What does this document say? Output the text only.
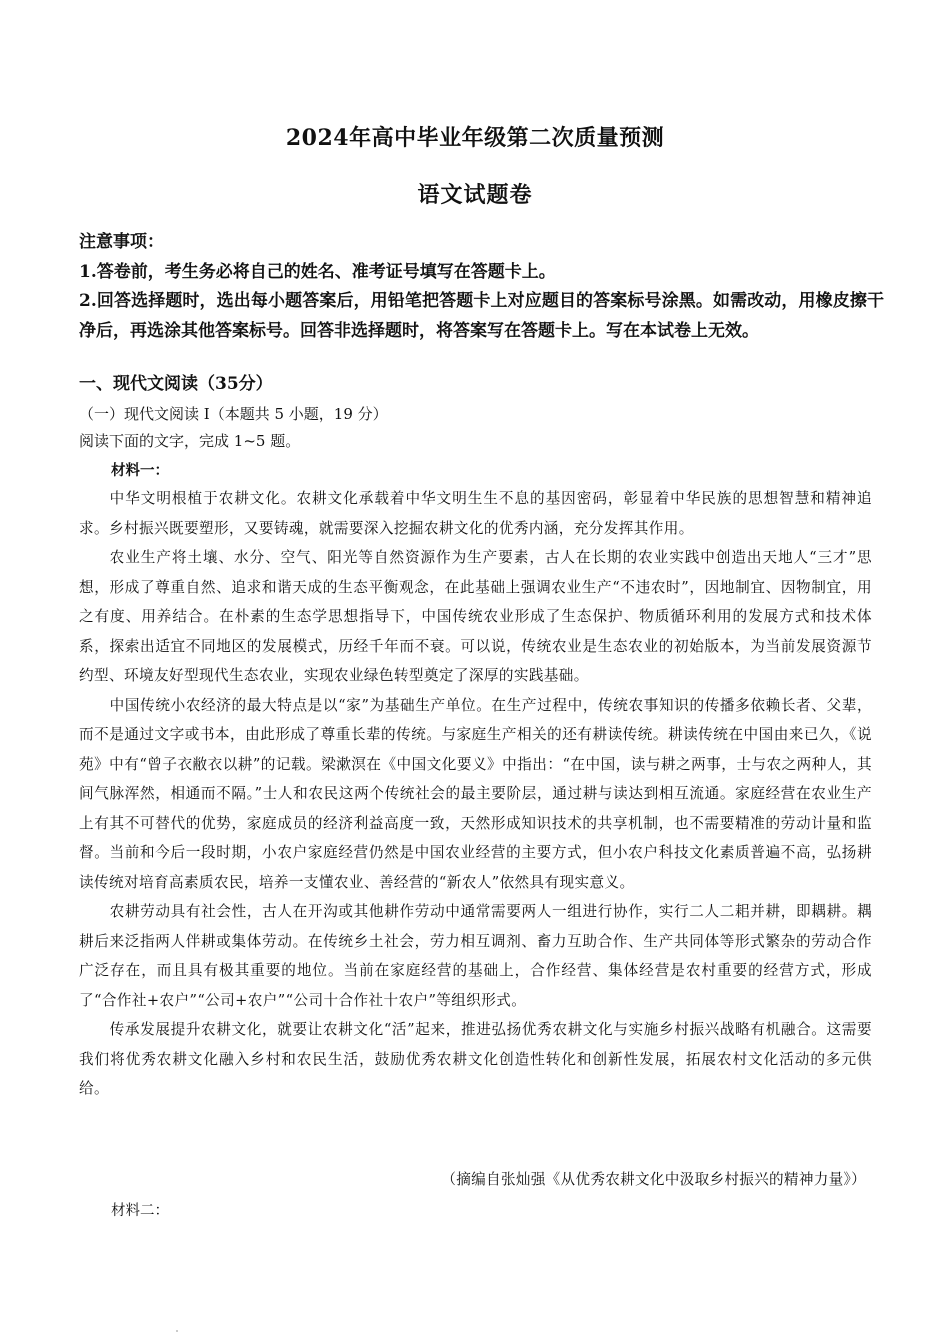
2024年高中毕业年级第二次质量预测
语文试题卷
注意事项：
1.答卷前，考生务必将自己的姓名、准考证号填写在答题卡上。
2.回答选择题时，选出每小题答案后，用铅笔把答题卡上对应题目的答案标号涂黑。如需改动，用橡皮擦干净后，再选涂其他答案标号。回答非选择题时，将答案写在答题卡上。写在本试卷上无效。
一、现代文阅读（35分）
（一）现代文阅读 I（本题共 5 小题，19 分）
阅读下面的文字，完成 1~5 题。
材料一：

中华文明根植于农耕文化。农耕文化承载着中华文明生生不息的基因密码，彰显着中华民族的思想智慧和精神追求。乡村振兴既要塑形，又要铸魂，就需要深入挖掘农耕文化的优秀内涵，充分发挥其作用。

农业生产将土壤、水分、空气、阳光等自然资源作为生产要素，古人在长期的农业实践中创造出天地人“三才”思想，形成了尊重自然、追求和谐天成的生态平衡观念，在此基础上强调农业生产“不违农时”，因地制宜、因物制宜，用之有度、用养结合。在朴素的生态学思想指导下，中国传统农业形成了生态保护、物质循环利用的发展方式和技术体系，探索出适宜不同地区的发展模式，历经千年而不衰。可以说，传统农业是生态农业的初始版本，为当前发展资源节约型、环境友好型现代生态农业，实现农业绿色转型奠定了深厚的实践基础。

中国传统小农经济的最大特点是以“家”为基础生产单位。在生产过程中，传统农事知识的传播多依赖长者、父辈，而不是通过文字或书本，由此形成了尊重长辈的传统。与家庭生产相关的还有耕读传统。耕读传统在中国由来已久，《说苑》中有“曾子衣敝衣以耕”的记载。梁漱溟在《中国文化要义》中指出：“在中国，读与耕之两事，士与农之两种人，其间气脉浑然，相通而不隔。”士人和农民这两个传统社会的最主要阶层，通过耕与读达到相互流通。家庭经营在农业生产上有其不可替代的优势，家庭成员的经济利益高度一致，天然形成知识技术的共享机制，也不需要精准的劳动计量和监督。当前和今后一段时期，小农户家庭经营仍然是中国农业经营的主要方式，但小农户科技文化素质普遍不高，弘扬耕读传统对培育高素质农民，培养一支懂农业、善经营的“新农人”依然具有现实意义。

农耕劳动具有社会性，古人在开沟或其他耕作劳动中通常需要两人一组进行协作，实行二人二耜并耕，即耦耕。耦耕后来泛指两人伴耕或集体劳动。在传统乡土社会，劳力相互调剂、畜力互助合作、生产共同体等形式繁杂的劳动合作广泛存在，而且具有极其重要的地位。当前在家庭经营的基础上，合作经营、集体经营是农村重要的经营方式，形成了“合作社+农户”“公司+农户”“公司十合作社十农户”等组织形式。

传承发展提升农耕文化，就要让农耕文化“活”起来，推进弘扬优秀农耕文化与实施乡村振兴战略有机融合。这需要我们将优秀农耕文化融入乡村和农民生活，鼓励优秀农耕文化创造性转化和创新性发展，拓展农村文化活动的多元供给。

（摘编自张灿强《从优秀农耕文化中汲取乡村振兴的精神力量》）
材料二：
